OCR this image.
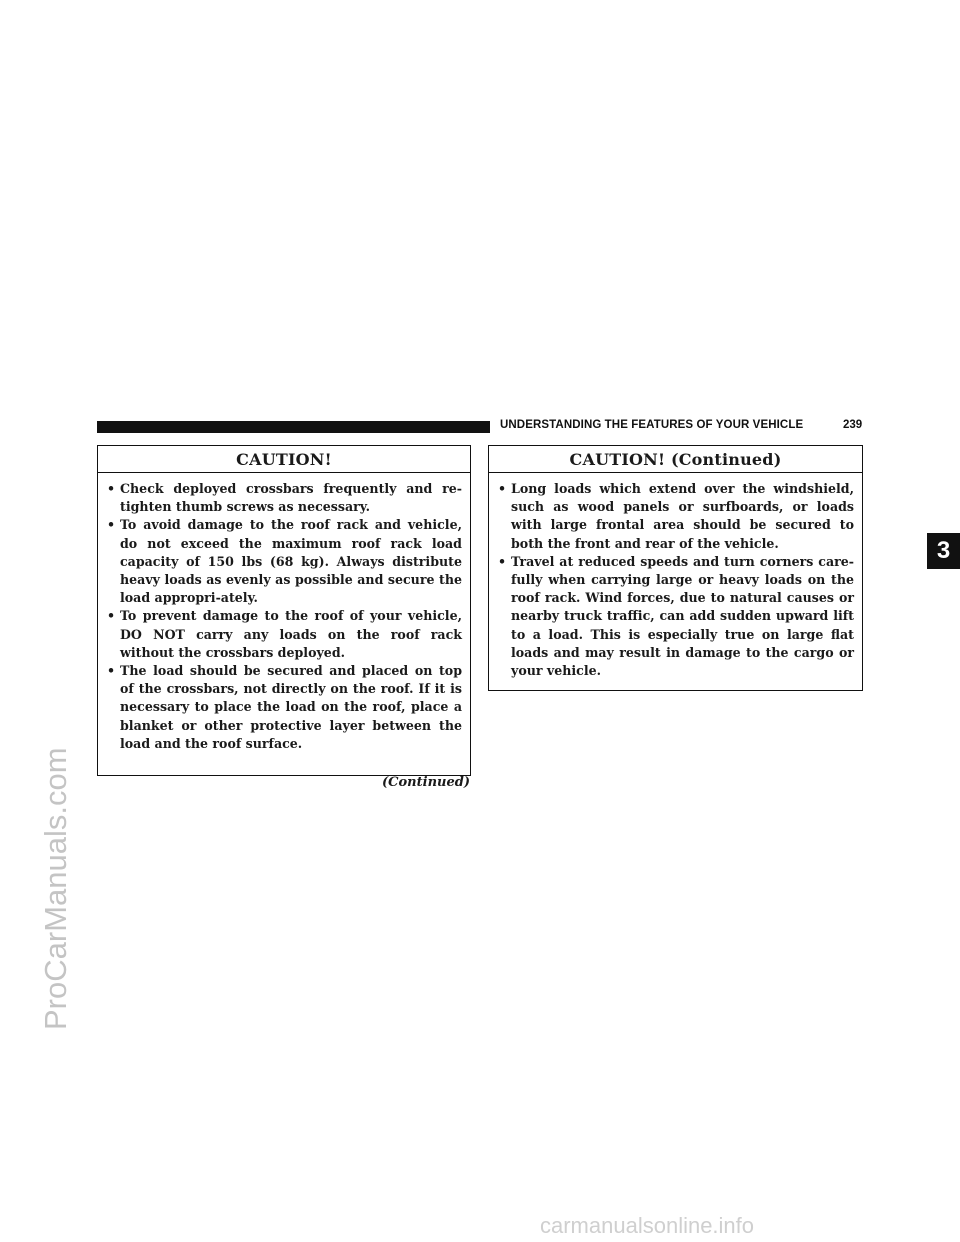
ProCarManuals.com
UNDERSTANDING THE FEATURES OF YOUR VEHICLE	239
3
CAUTION!
• Check deployed crossbars frequently and re-tighten thumb screws as necessary.
• To avoid damage to the roof rack and vehicle, do not exceed the maximum roof rack load capacity of 150 lbs (68 kg). Always distribute heavy loads as evenly as possible and secure the load appropri-ately.
• To prevent damage to the roof of your vehicle, DO NOT carry any loads on the roof rack without the crossbars deployed.
• The load should be secured and placed on top of the crossbars, not directly on the roof. If it is necessary to place the load on the roof, place a blanket or other protective layer between the load and the roof surface.
(Continued)
CAUTION! (Continued)
• Long loads which extend over the windshield, such as wood panels or surfboards, or loads with large frontal area should be secured to both the front and rear of the vehicle.
• Travel at reduced speeds and turn corners care-fully when carrying large or heavy loads on the roof rack. Wind forces, due to natural causes or nearby truck traffic, can add sudden upward lift to a load. This is especially true on large flat loads and may result in damage to the cargo or your vehicle.
carmanualsonline.info
